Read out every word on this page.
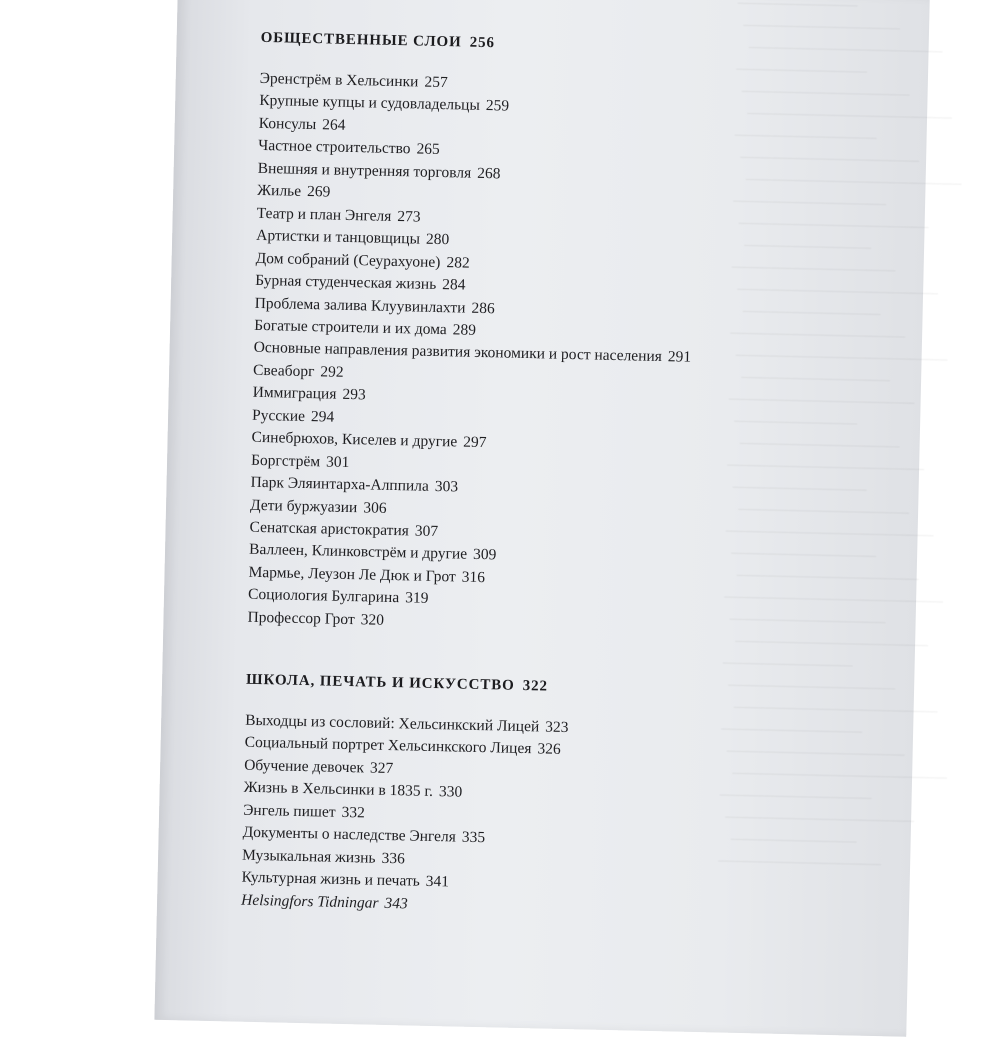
ОБЩЕСТВЕННЫЕ СЛОИ 256
Эренстрём в Хельсинки 257
Крупные купцы и судовладельцы 259
Консулы 264
Частное строительство 265
Внешняя и внутренняя торговля 268
Жилье 269
Театр и план Энгеля 273
Артистки и танцовщицы 280
Дом собраний (Сеурахуоне) 282
Бурная студенческая жизнь 284
Проблема залива Клуувинлахти 286
Богатые строители и их дома 289
Основные направления развития экономики и рост населения 291
Свеаборг 292
Иммиграция 293
Русские 294
Синебрюхов, Киселев и другие 297
Боргстрём 301
Парк Эляинтарха-Алппила 303
Дети буржуазии 306
Сенатская аристократия 307
Валлеен, Клинковстрём и другие 309
Мармье, Леузон Ле Дюк и Грот 316
Социология Булгарина 319
Профессор Грот 320
ШКОЛА, ПЕЧАТЬ И ИСКУССТВО 322
Выходцы из сословий: Хельсинкский Лицей 323
Социальный портрет Хельсинкского Лицея 326
Обучение девочек 327
Жизнь в Хельсинки в 1835 г. 330
Энгель пишет 332
Документы о наследстве Энгеля 335
Музыкальная жизнь 336
Культурная жизнь и печать 341
Helsingfors Tidningar 343
